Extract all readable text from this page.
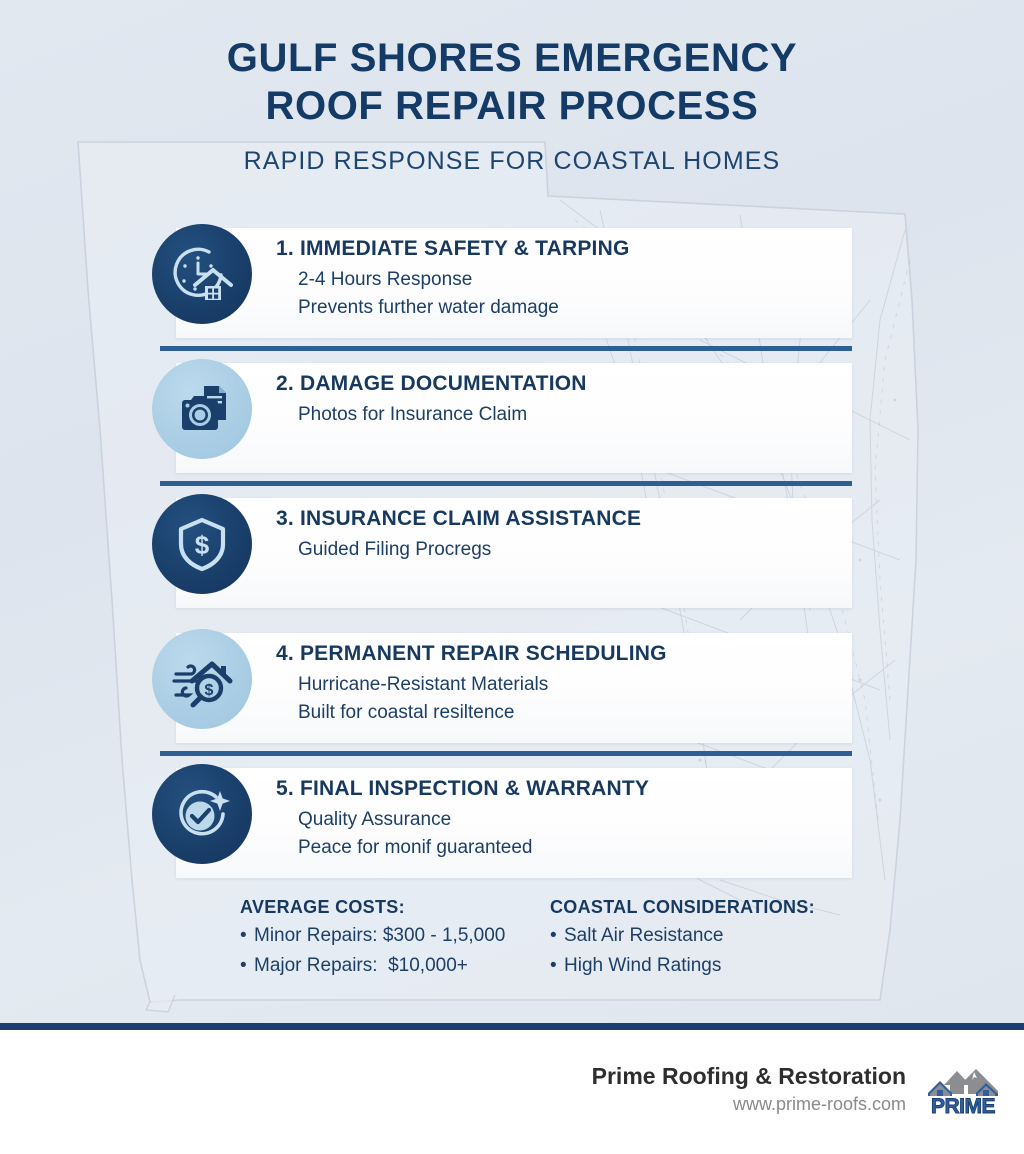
GULF SHORES EMERGENCY
ROOF REPAIR PROCESS
RAPID RESPONSE FOR COASTAL HOMES
1. IMMEDIATE SAFETY & TARPING
2-4 Hours Response
Prevents further water damage
2. DAMAGE DOCUMENTATION
Photos for Insurance Claim
$
3. INSURANCE CLAIM ASSISTANCE
Guided Filing Procregs
$
4. PERMANENT REPAIR SCHEDULING
Hurricane-Resistant Materials
Built for coastal resiltence
5. FINAL INSPECTION & WARRANTY
Quality Assurance
Peace for monif guaranteed
AVERAGE COSTS:
• Minor Repairs: $300 - 1,5,000
• Major Repairs:  $10,000+
COASTAL CONSIDERATIONS:
• Salt Air Resistance
• High Wind Ratings
Prime Roofing & Restoration
www.prime-roofs.com PRIME
